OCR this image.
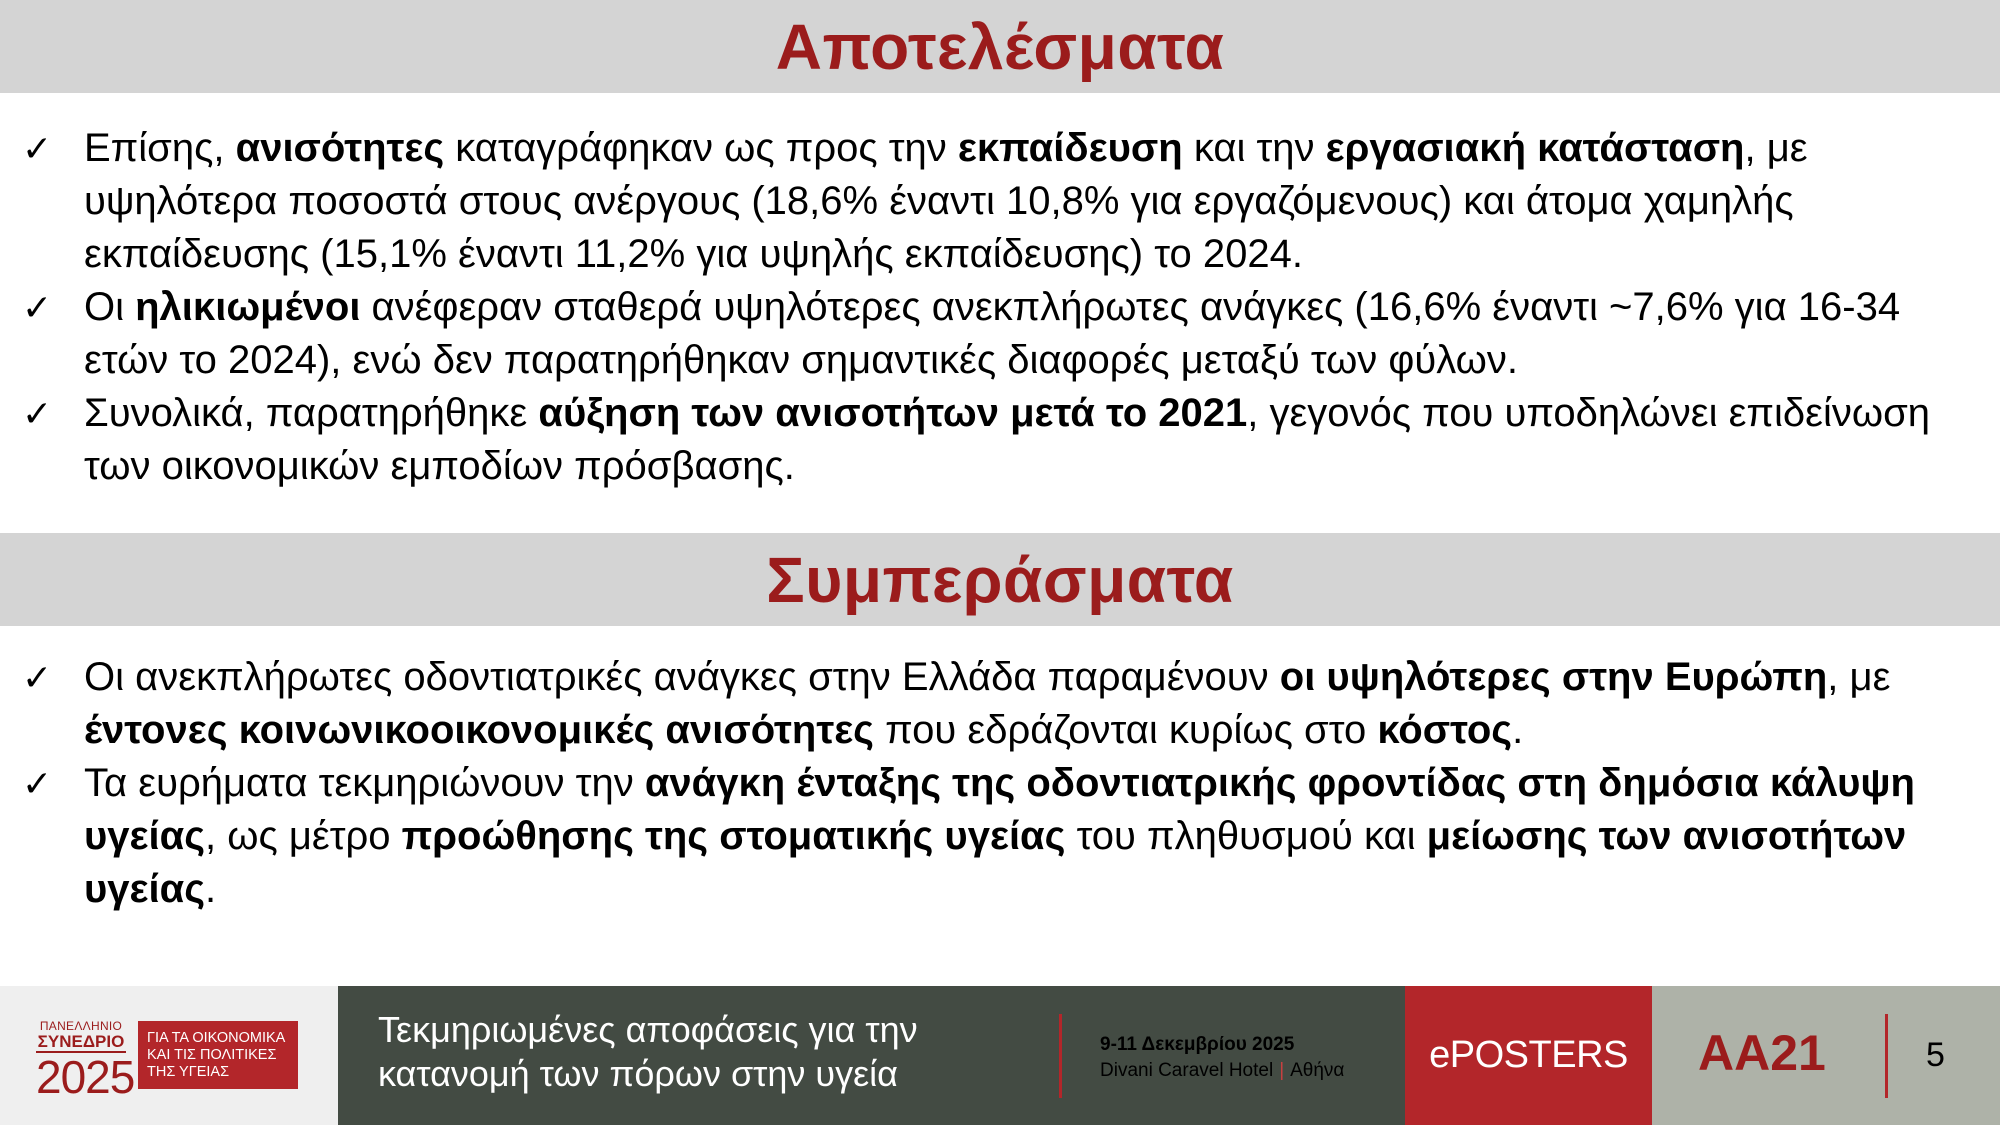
Αποτελέσματα
✓ Επίσης, ανισότητες καταγράφηκαν ως προς την εκπαίδευση και την εργασιακή κατάσταση, με υψηλότερα ποσοστά στους ανέργους (18,6% έναντι 10,8% για εργαζόμενους) και άτομα χαμηλής εκπαίδευσης (15,1% έναντι 11,2% για υψηλής εκπαίδευσης) το 2024.
✓ Οι ηλικιωμένοι ανέφεραν σταθερά υψηλότερες ανεκπλήρωτες ανάγκες (16,6% έναντι ~7,6% για 16-34 ετών το 2024), ενώ δεν παρατηρήθηκαν σημαντικές διαφορές μεταξύ των φύλων.
✓ Συνολικά, παρατηρήθηκε αύξηση των ανισοτήτων μετά το 2021, γεγονός που υποδηλώνει επιδείνωση των οικονομικών εμποδίων πρόσβασης.
Συμπεράσματα
✓ Οι ανεκπλήρωτες οδοντιατρικές ανάγκες στην Ελλάδα παραμένουν οι υψηλότερες στην Ευρώπη, με έντονες κοινωνικοοικονομικές ανισότητες που εδράζονται κυρίως στο κόστος.
✓ Τα ευρήματα τεκμηριώνουν την ανάγκη ένταξης της οδοντιατρικής φροντίδας στη δημόσια κάλυψη υγείας, ως μέτρο προώθησης της στοματικής υγείας του πληθυσμού και μείωσης των ανισοτήτων υγείας.
ΠΑΝΕΛΛΗΝΙΟ
ΣΥΝΕΔΡΙΟ
2025
ΓΙΑ ΤΑ ΟΙΚΟΝΟΜΙΚΑ
ΚΑΙ ΤΙΣ ΠΟΛΙΤΙΚΕΣ
ΤΗΣ ΥΓΕΙΑΣ
Τεκμηριωμένες αποφάσεις για την
κατανομή των πόρων στην υγεία
9-11 Δεκεμβρίου 2025
Divani Caravel Hotel | Αθήνα ePOSTERS AA21	5
